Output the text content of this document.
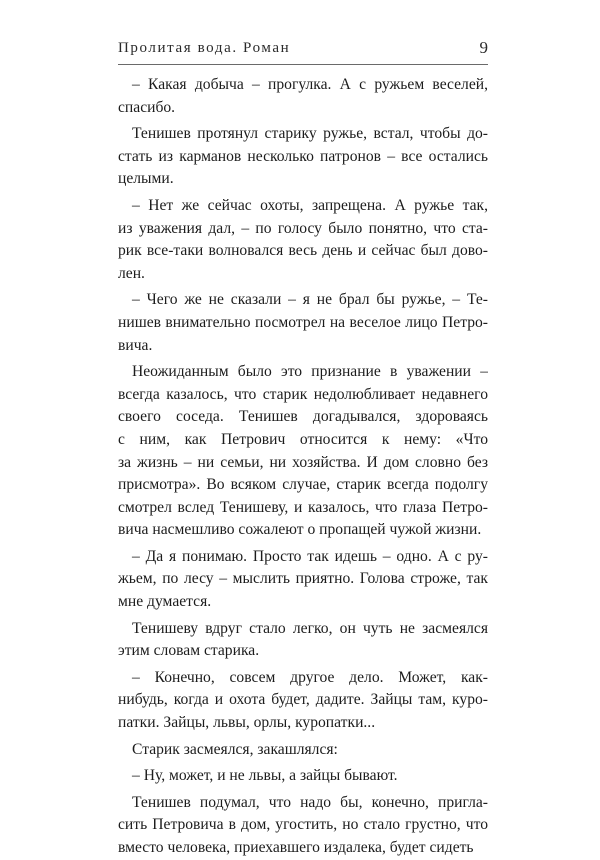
Пролитая вода. Роман	9
– Какая добыча – прогулка. А с ружьем веселей,
спасибо.
Тенишев протянул старику ружье, встал, чтобы до-
стать из карманов несколько патронов – все остались
целыми.
– Нет же сейчас охоты, запрещена. А ружье так,
из уважения дал, – по голосу было понятно, что ста-
рик все-таки волновался весь день и сейчас был дово-
лен.
– Чего же не сказали – я не брал бы ружье, – Те-
нишев внимательно посмотрел на веселое лицо Петро-
вича.
Неожиданным было это признание в уважении –
всегда казалось, что старик недолюбливает недавнего
своего соседа. Тенишев догадывался, здороваясь
с ним, как Петрович относится к нему: «Что
за жизнь – ни семьи, ни хозяйства. И дом словно без
присмотра». Во всяком случае, старик всегда подолгу
смотрел вслед Тенишеву, и казалось, что глаза Петро-
вича насмешливо сожалеют о пропащей чужой жизни.
– Да я понимаю. Просто так идешь – одно. А с ру-
жьем, по лесу – мыслить приятно. Голова строже, так
мне думается.
Тенишеву вдруг стало легко, он чуть не засмеялся
этим словам старика.
– Конечно, совсем другое дело. Может, как-
нибудь, когда и охота будет, дадите. Зайцы там, куро-
патки. Зайцы, львы, орлы, куропатки...
Старик засмеялся, закашлялся:
– Ну, может, и не львы, а зайцы бывают.
Тенишев подумал, что надо бы, конечно, пригла-
сить Петровича в дом, угостить, но стало грустно, что
вместо человека, приехавшего издалека, будет сидеть
